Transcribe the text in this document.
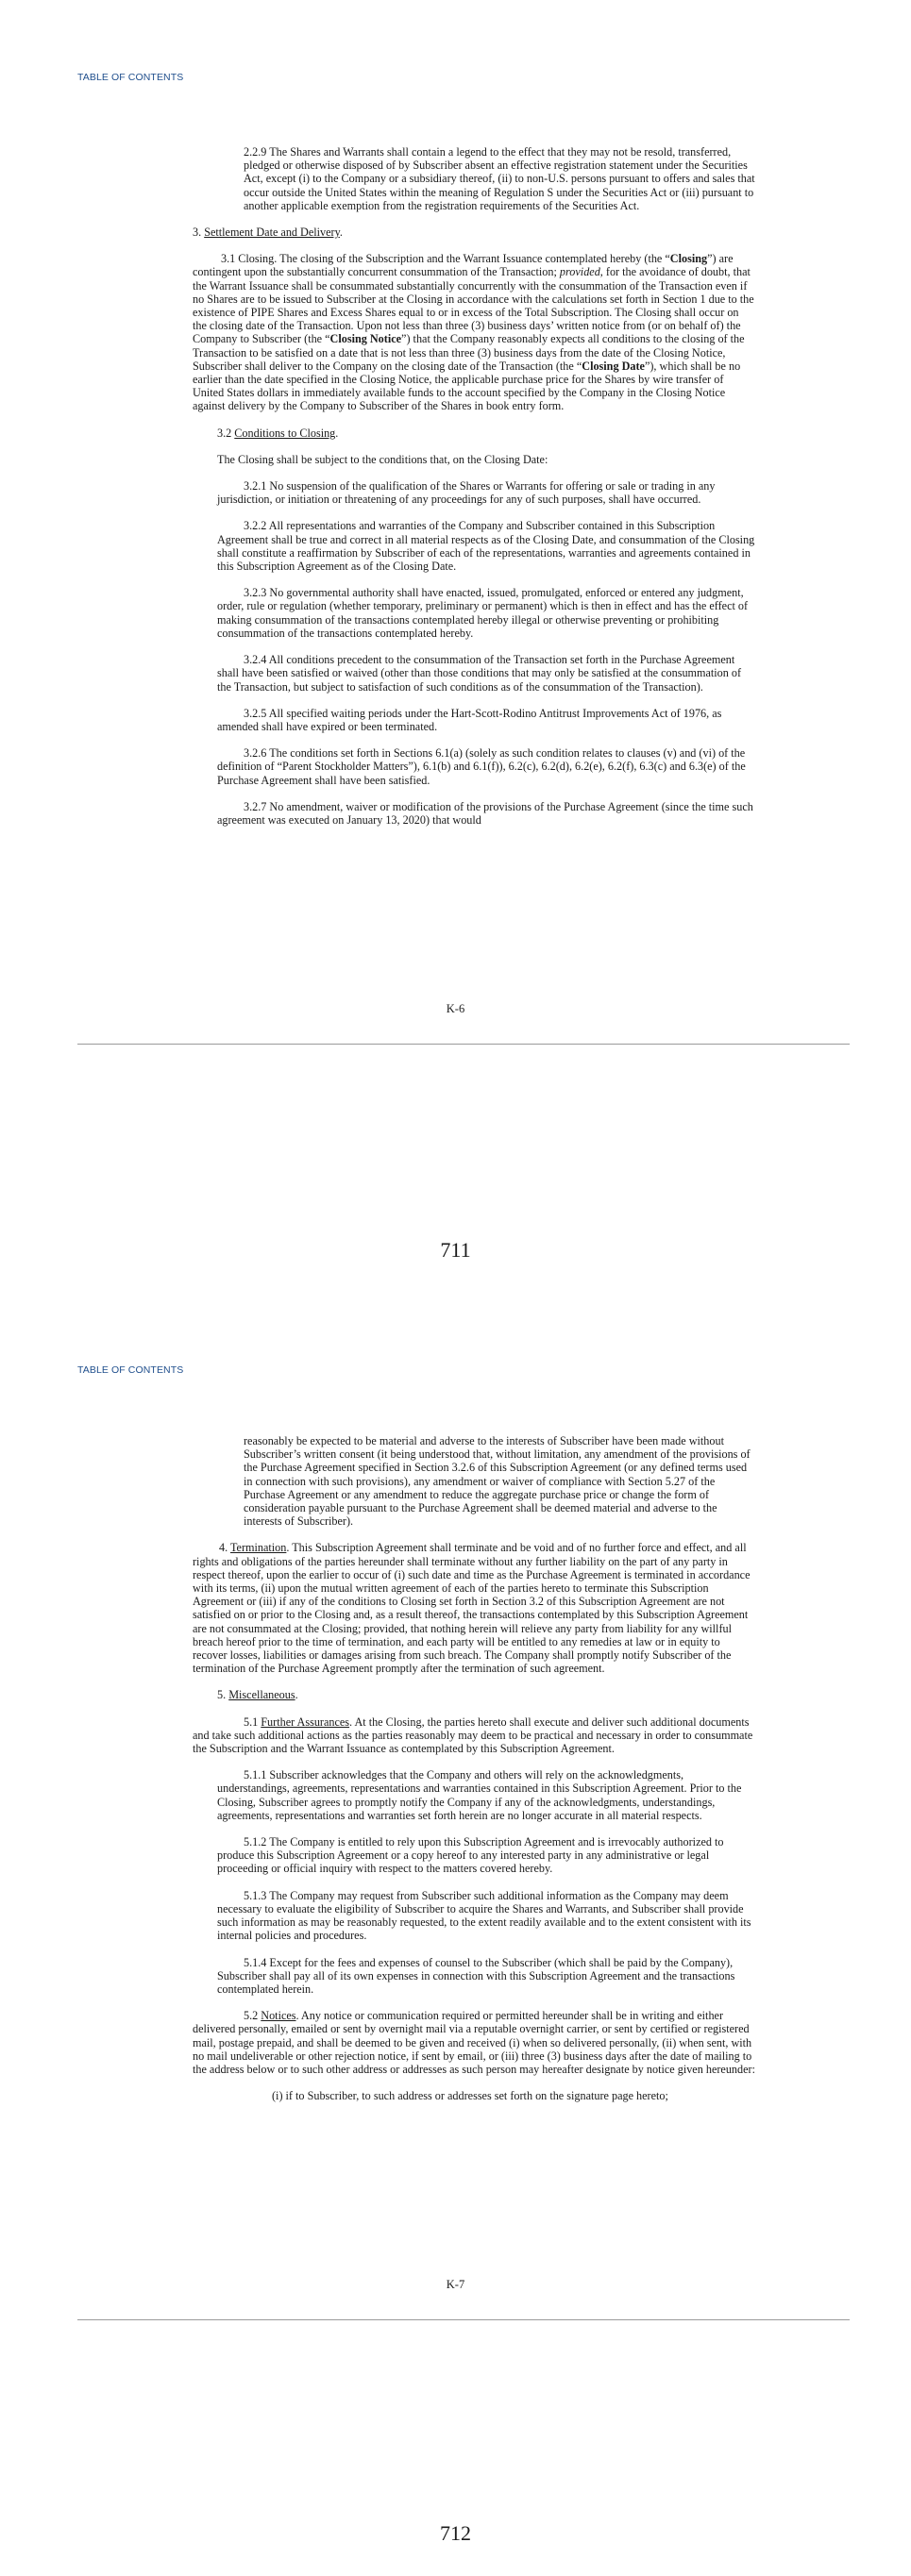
TABLE OF CONTENTS

2.2.9 The Shares and Warrants shall contain a legend to the effect that they may not be resold, transferred, pledged or otherwise disposed of by Subscriber absent an effective registration statement under the Securities Act, except (i) to the Company or a subsidiary thereof, (ii) to non-U.S. persons pursuant to offers and sales that occur outside the United States within the meaning of Regulation S under the Securities Act or (iii) pursuant to another applicable exemption from the registration requirements of the Securities Act.

3. Settlement Date and Delivery.

3.1 Closing. The closing of the Subscription and the Warrant Issuance contemplated hereby (the “Closing”) are contingent upon the substantially concurrent consummation of the Transaction; provided, for the avoidance of doubt, that the Warrant Issuance shall be consummated substantially concurrently with the consummation of the Transaction even if no Shares are to be issued to Subscriber at the Closing in accordance with the calculations set forth in Section 1 due to the existence of PIPE Shares and Excess Shares equal to or in excess of the Total Subscription. The Closing shall occur on the closing date of the Transaction. Upon not less than three (3) business days’ written notice from (or on behalf of) the Company to Subscriber (the “Closing Notice”) that the Company reasonably expects all conditions to the closing of the Transaction to be satisfied on a date that is not less than three (3) business days from the date of the Closing Notice, Subscriber shall deliver to the Company on the closing date of the Transaction (the “Closing Date”), which shall be no earlier than the date specified in the Closing Notice, the applicable purchase price for the Shares by wire transfer of United States dollars in immediately available funds to the account specified by the Company in the Closing Notice against delivery by the Company to Subscriber of the Shares in book entry form.

3.2 Conditions to Closing.

The Closing shall be subject to the conditions that, on the Closing Date:

3.2.1 No suspension of the qualification of the Shares or Warrants for offering or sale or trading in any jurisdiction, or initiation or threatening of any proceedings for any of such purposes, shall have occurred.

3.2.2 All representations and warranties of the Company and Subscriber contained in this Subscription Agreement shall be true and correct in all material respects as of the Closing Date, and consummation of the Closing shall constitute a reaffirmation by Subscriber of each of the representations, warranties and agreements contained in this Subscription Agreement as of the Closing Date.

3.2.3 No governmental authority shall have enacted, issued, promulgated, enforced or entered any judgment, order, rule or regulation (whether temporary, preliminary or permanent) which is then in effect and has the effect of making consummation of the transactions contemplated hereby illegal or otherwise preventing or prohibiting consummation of the transactions contemplated hereby.

3.2.4 All conditions precedent to the consummation of the Transaction set forth in the Purchase Agreement shall have been satisfied or waived (other than those conditions that may only be satisfied at the consummation of the Transaction, but subject to satisfaction of such conditions as of the consummation of the Transaction).

3.2.5 All specified waiting periods under the Hart-Scott-Rodino Antitrust Improvements Act of 1976, as amended shall have expired or been terminated.

3.2.6 The conditions set forth in Sections 6.1(a) (solely as such condition relates to clauses (v) and (vi) of the definition of “Parent Stockholder Matters”), 6.1(b) and 6.1(f)), 6.2(c), 6.2(d), 6.2(e), 6.2(f), 6.3(c) and 6.3(e) of the Purchase Agreement shall have been satisfied.

3.2.7 No amendment, waiver or modification of the provisions of the Purchase Agreement (since the time such agreement was executed on January 13, 2020) that would

K-6
711
TABLE OF CONTENTS

reasonably be expected to be material and adverse to the interests of Subscriber have been made without Subscriber’s written consent (it being understood that, without limitation, any amendment of the provisions of the Purchase Agreement specified in Section 3.2.6 of this Subscription Agreement (or any defined terms used in connection with such provisions), any amendment or waiver of compliance with Section 5.27 of the Purchase Agreement or any amendment to reduce the aggregate purchase price or change the form of consideration payable pursuant to the Purchase Agreement shall be deemed material and adverse to the interests of Subscriber).

4. Termination. This Subscription Agreement shall terminate and be void and of no further force and effect, and all rights and obligations of the parties hereunder shall terminate without any further liability on the part of any party in respect thereof, upon the earlier to occur of (i) such date and time as the Purchase Agreement is terminated in accordance with its terms, (ii) upon the mutual written agreement of each of the parties hereto to terminate this Subscription Agreement or (iii) if any of the conditions to Closing set forth in Section 3.2 of this Subscription Agreement are not satisfied on or prior to the Closing and, as a result thereof, the transactions contemplated by this Subscription Agreement are not consummated at the Closing; provided, that nothing herein will relieve any party from liability for any willful breach hereof prior to the time of termination, and each party will be entitled to any remedies at law or in equity to recover losses, liabilities or damages arising from such breach. The Company shall promptly notify Subscriber of the termination of the Purchase Agreement promptly after the termination of such agreement.

5. Miscellaneous.

5.1 Further Assurances. At the Closing, the parties hereto shall execute and deliver such additional documents and take such additional actions as the parties reasonably may deem to be practical and necessary in order to consummate the Subscription and the Warrant Issuance as contemplated by this Subscription Agreement.

5.1.1 Subscriber acknowledges that the Company and others will rely on the acknowledgments, understandings, agreements, representations and warranties contained in this Subscription Agreement. Prior to the Closing, Subscriber agrees to promptly notify the Company if any of the acknowledgments, understandings, agreements, representations and warranties set forth herein are no longer accurate in all material respects.

5.1.2 The Company is entitled to rely upon this Subscription Agreement and is irrevocably authorized to produce this Subscription Agreement or a copy hereof to any interested party in any administrative or legal proceeding or official inquiry with respect to the matters covered hereby.

5.1.3 The Company may request from Subscriber such additional information as the Company may deem necessary to evaluate the eligibility of Subscriber to acquire the Shares and Warrants, and Subscriber shall provide such information as may be reasonably requested, to the extent readily available and to the extent consistent with its internal policies and procedures.

5.1.4 Except for the fees and expenses of counsel to the Subscriber (which shall be paid by the Company), Subscriber shall pay all of its own expenses in connection with this Subscription Agreement and the transactions contemplated herein.

5.2 Notices. Any notice or communication required or permitted hereunder shall be in writing and either delivered personally, emailed or sent by overnight mail via a reputable overnight carrier, or sent by certified or registered mail, postage prepaid, and shall be deemed to be given and received (i) when so delivered personally, (ii) when sent, with no mail undeliverable or other rejection notice, if sent by email, or (iii) three (3) business days after the date of mailing to the address below or to such other address or addresses as such person may hereafter designate by notice given hereunder:

(i) if to Subscriber, to such address or addresses set forth on the signature page hereto;

K-7
712
